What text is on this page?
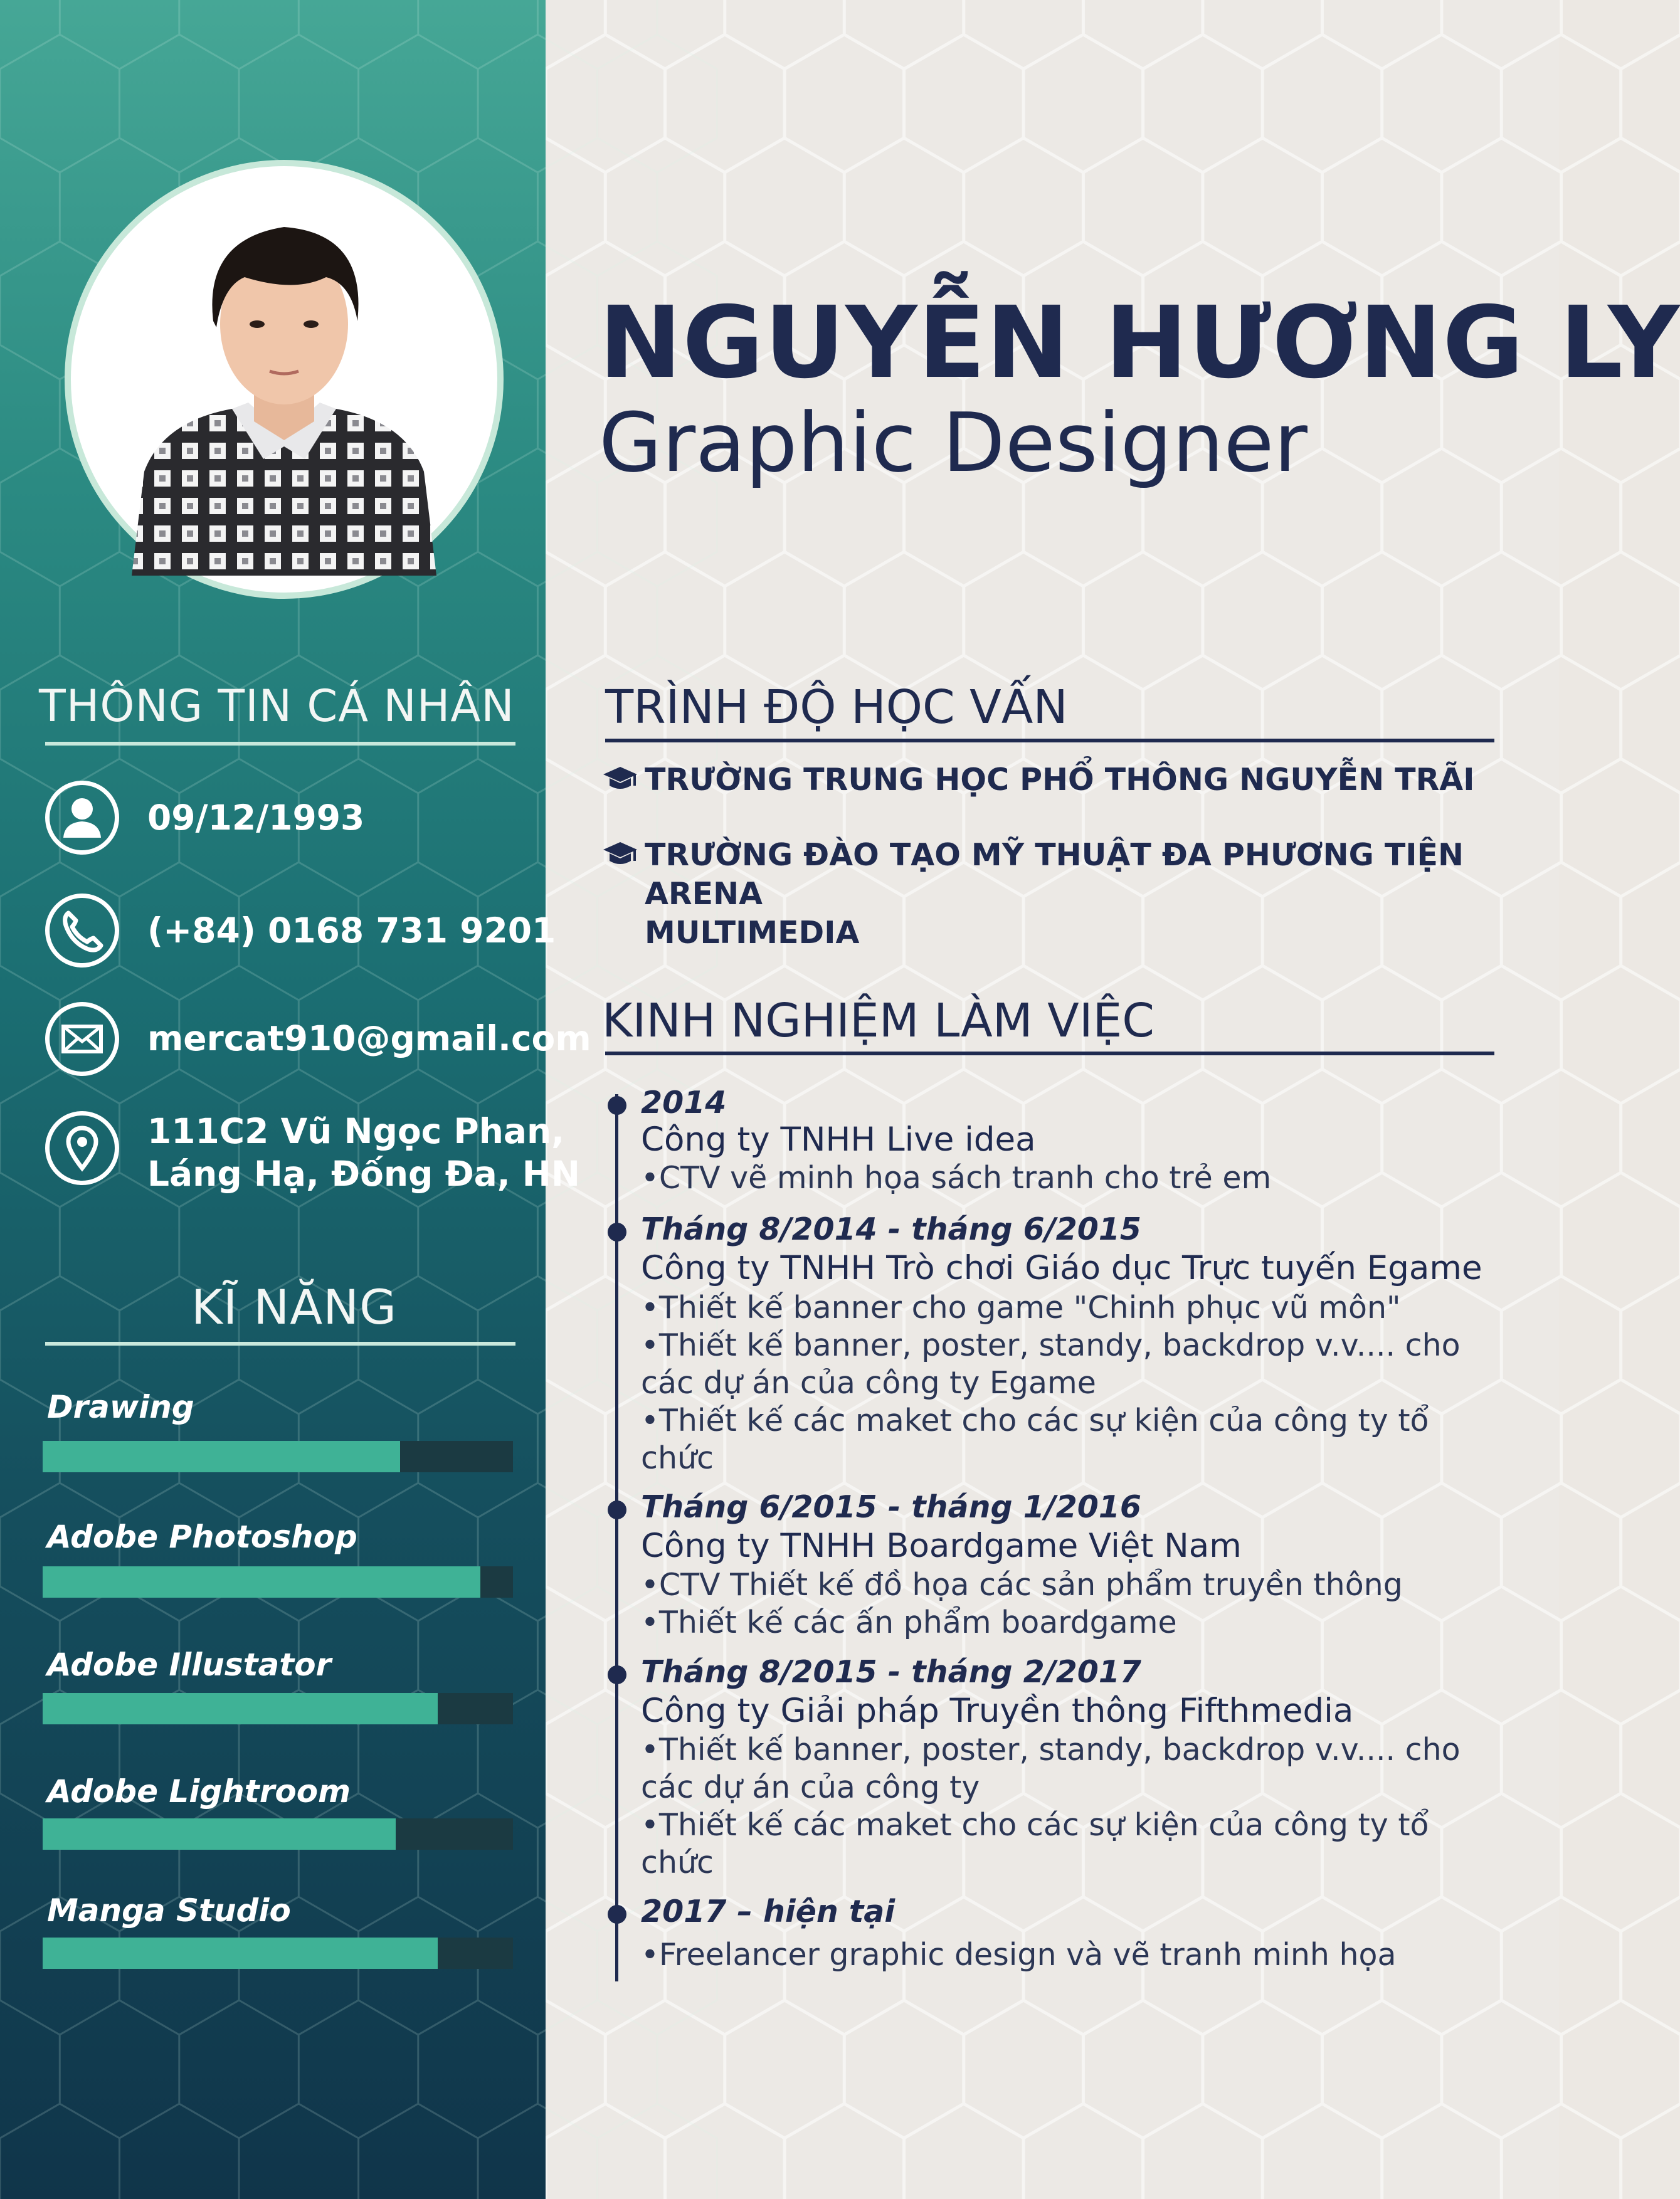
THÔNG TIN CÁ NHÂN
09/12/1993
(+84) 0168 731 9201
mercat910@gmail.com
111C2 Vũ Ngọc Phan,
Láng Hạ, Đống Đa, HN
KĨ NĂNG
Drawing
Adobe Photoshop
Adobe Illustator
Adobe Lightroom
Manga Studio
NGUYỄN HƯƠNG LY
Graphic Designer
TRÌNH ĐỘ HỌC VẤN
TRƯỜNG TRUNG HỌC PHỔ THÔNG NGUYỄN TRÃI
TRƯỜNG ĐÀO TẠO MỸ THUẬT ĐA PHƯƠNG TIỆN ARENA
MULTIMEDIA
KINH NGHIỆM LÀM VIỆC
2014
Công ty TNHH Live idea
•CTV vẽ minh họa sách tranh cho trẻ em
Tháng 8/2014 - tháng 6/2015
Công ty TNHH Trò chơi Giáo dục Trực tuyến Egame
•Thiết kế banner cho game "Chinh phục vũ môn"
•Thiết kế banner, poster, standy, backdrop v.v.... cho
các dự án của công ty Egame
•Thiết kế các maket cho các sự kiện của công ty tổ
chức
Tháng 6/2015 - tháng 1/2016
Công ty TNHH Boardgame Việt Nam
•CTV Thiết kế đồ họa các sản phẩm truyền thông
•Thiết kế các ấn phẩm boardgame
Tháng 8/2015 - tháng 2/2017
Công ty Giải pháp Truyền thông Fifthmedia
•Thiết kế banner, poster, standy, backdrop v.v.... cho
các dự án của công ty
•Thiết kế các maket cho các sự kiện của công ty tổ
chức
2017 – hiện tại
•Freelancer graphic design và vẽ tranh minh họa
